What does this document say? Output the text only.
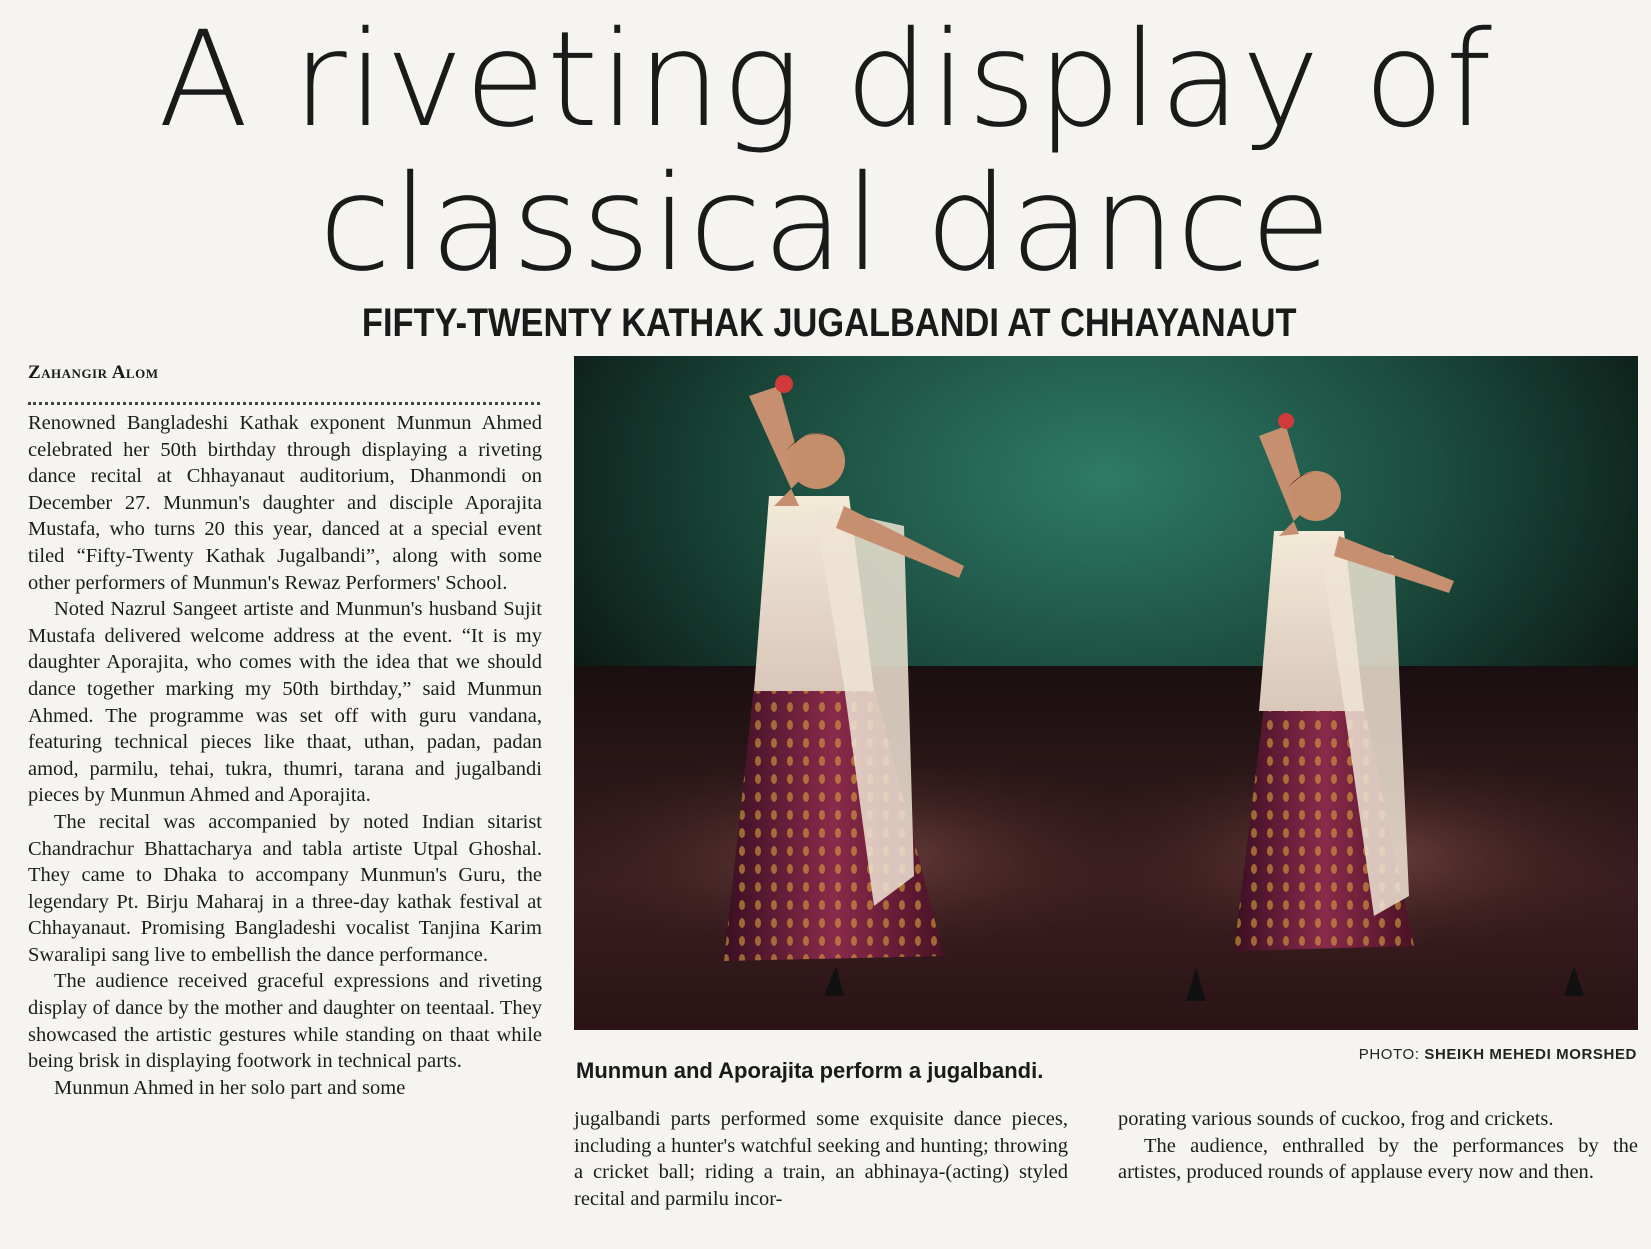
A riveting display of
classical dance
FIFTY-TWENTY KATHAK JUGALBANDI AT CHHAYANAUT
Zahangir Alom

Renowned Bangladeshi Kathak exponent Munmun Ahmed celebrated her 50th birthday through displaying a riveting dance recital at Chhayanaut auditorium, Dhanmondi on December 27. Munmun's daughter and disciple Aporajita Mustafa, who turns 20 this year, danced at a special event tiled “Fifty-Twenty Kathak Jugalbandi”, along with some other performers of Munmun's Rewaz Performers' School.

Noted Nazrul Sangeet artiste and Munmun's husband Sujit Mustafa delivered welcome address at the event. “It is my daughter Aporajita, who comes with the idea that we should dance together marking my 50th birthday,” said Munmun Ahmed. The programme was set off with guru vandana, featuring technical pieces like thaat, uthan, padan, padan amod, parmilu, tehai, tukra, thumri, tarana and jugalbandi pieces by Munmun Ahmed and Aporajita.

The recital was accompanied by noted Indian sitarist Chandrachur Bhattacharya and tabla artiste Utpal Ghoshal. They came to Dhaka to accompany Munmun's Guru, the legendary Pt. Birju Maharaj in a three-day kathak festival at Chhayanaut. Promising Bangladeshi vocalist Tanjina Karim Swaralipi sang live to embellish the dance performance.

The audience received graceful expressions and riveting display of dance by the mother and daughter on teentaal. They showcased the artistic gestures while standing on thaat while being brisk in displaying footwork in technical parts.

Munmun Ahmed in her solo part and some

PHOTO: SHEIKH MEHEDI MORSHED
Munmun and Aporajita perform a jugalbandi.

jugalbandi parts performed some exquisite dance pieces, including a hunter's watchful seeking and hunting; throwing a cricket ball; riding a train, an abhinaya-(acting) styled recital and parmilu incor-

porating various sounds of cuckoo, frog and crickets.

The audience, enthralled by the performances by the artistes, produced rounds of applause every now and then.
